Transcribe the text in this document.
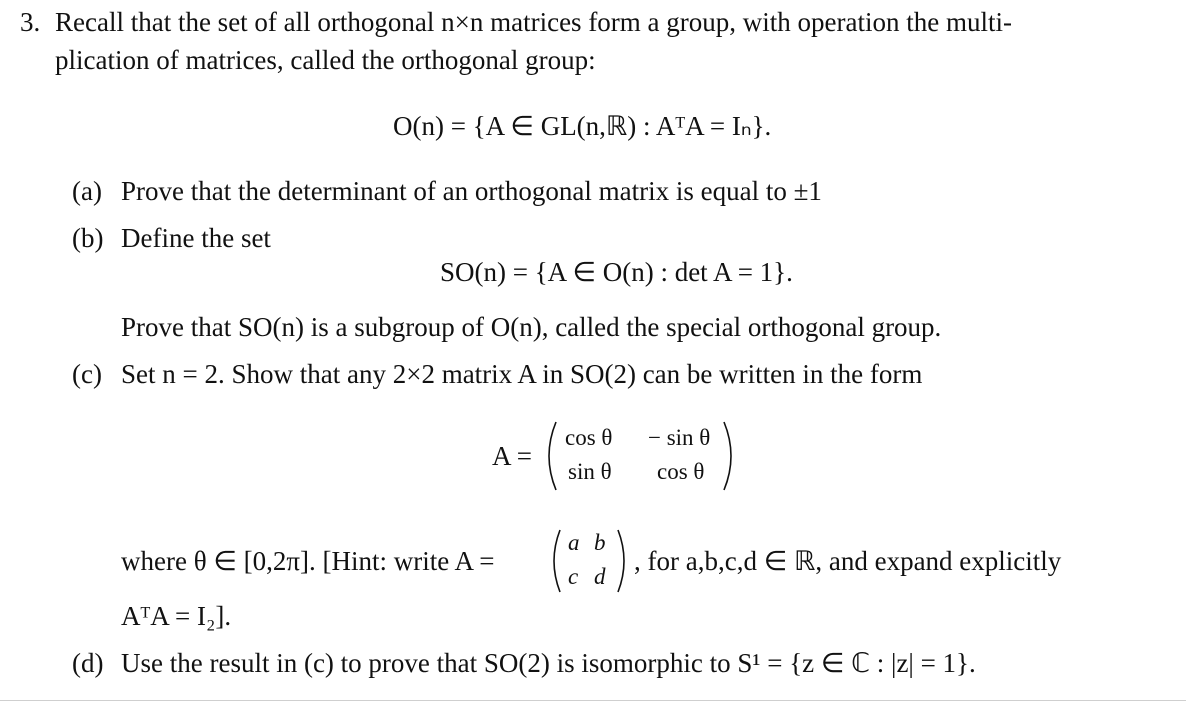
3. Recall that the set of all orthogonal n×n matrices form a group, with operation the multi-
plication of matrices, called the orthogonal group:
O(n) = {A ∈ GL(n,ℝ) : AᵀA = Iₙ}.
(a) Prove that the determinant of an orthogonal matrix is equal to ±1
(b) Define the set
SO(n) = {A ∈ O(n) : det A = 1}.
Prove that SO(n) is a subgroup of O(n), called the special orthogonal group.
(c) Set n = 2. Show that any 2×2 matrix A in SO(2) can be written in the form
A =
cos θ − sin θ
sin θ cos θ
where θ ∈ [0,2π]. [Hint: write A =
a b
c d
, for a,b,c,d ∈ ℝ, and expand explicitly
AᵀA = I₂].
(d) Use the result in (c) to prove that SO(2) is isomorphic to S¹ = {z ∈ ℂ : |z| = 1}.
